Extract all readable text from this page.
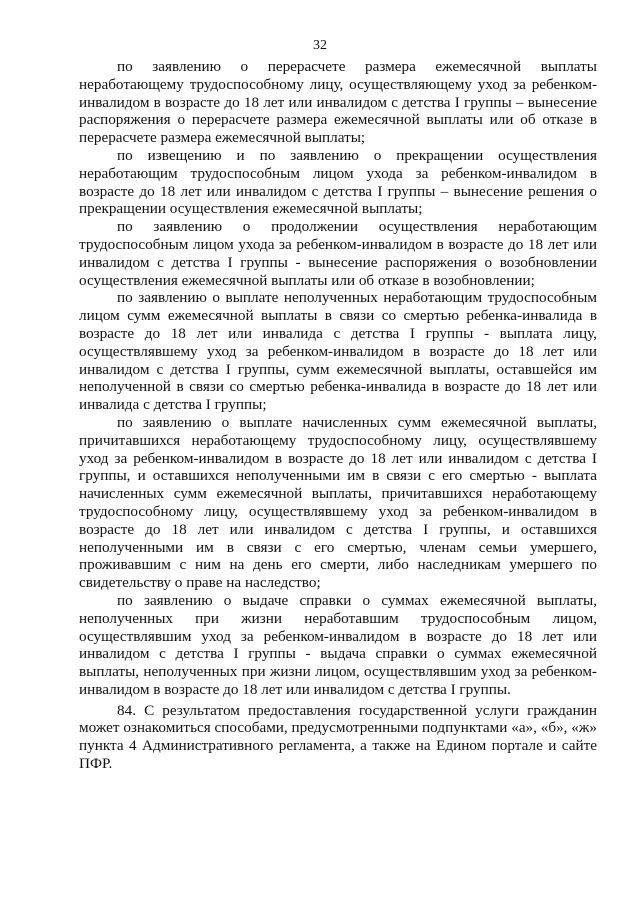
32

по заявлению о перерасчете размера ежемесячной выплаты неработающему трудоспособному лицу, осуществляющему уход за ребенком-инвалидом в возрасте до 18 лет или инвалидом с детства I группы – вынесение распоряжения о перерасчете размера ежемесячной выплаты или об отказе в перерасчете размера ежемесячной выплаты;

по извещению и по заявлению о прекращении осуществления неработающим трудоспособным лицом ухода за ребенком-инвалидом в возрасте до 18 лет или инвалидом с детства I группы – вынесение решения о прекращении осуществления ежемесячной выплаты;

по заявлению о продолжении осуществления неработающим трудоспособным лицом ухода за ребенком-инвалидом в возрасте до 18 лет или инвалидом с детства I группы - вынесение распоряжения о возобновлении осуществления ежемесячной выплаты или об отказе в возобновлении;

по заявлению о выплате неполученных неработающим трудоспособным лицом сумм ежемесячной выплаты в связи со смертью ребенка-инвалида в возрасте до 18 лет или инвалида с детства I группы - выплата лицу, осуществлявшему уход за ребенком-инвалидом в возрасте до 18 лет или инвалидом с детства I группы, сумм ежемесячной выплаты, оставшейся им неполученной в связи со смертью ребенка-инвалида в возрасте до 18 лет или инвалида с детства I группы;

по заявлению о выплате начисленных сумм ежемесячной выплаты, причитавшихся неработающему трудоспособному лицу, осуществлявшему уход за ребенком-инвалидом в возрасте до 18 лет или инвалидом с детства I группы, и оставшихся неполученными им в связи с его смертью - выплата начисленных сумм ежемесячной выплаты, причитавшихся неработающему трудоспособному лицу, осуществлявшему уход за ребенком-инвалидом в возрасте до 18 лет или инвалидом с детства I группы, и оставшихся неполученными им в связи с его смертью, членам семьи умершего, проживавшим с ним на день его смерти, либо наследникам умершего по свидетельству о праве на наследство;

по заявлению о выдаче справки о суммах ежемесячной выплаты, неполученных при жизни неработавшим трудоспособным лицом, осуществлявшим уход за ребенком-инвалидом в возрасте до 18 лет или инвалидом с детства I группы - выдача справки о суммах ежемесячной выплаты, неполученных при жизни лицом, осуществлявшим уход за ребенком-инвалидом в возрасте до 18 лет или инвалидом с детства I группы.

84. С результатом предоставления государственной услуги гражданин может ознакомиться способами, предусмотренными подпунктами «а», «б», «ж» пункта 4 Административного регламента, а также на Едином портале и сайте ПФР.
